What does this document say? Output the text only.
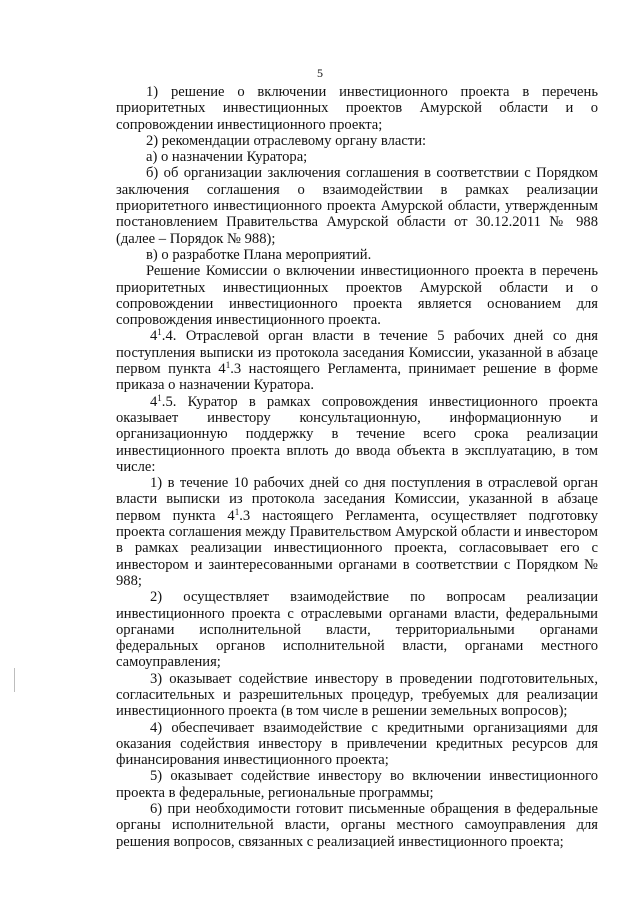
5

1) решение о включении инвестиционного проекта в перечень приоритетных инвестиционных проектов Амурской области и о сопровождении инвестиционного проекта;

2) рекомендации отраслевому органу власти:

а) о назначении Куратора;

б) об организации заключения соглашения в соответствии с Порядком заключения соглашения о взаимодействии в рамках реализации приоритетного инвестиционного проекта Амурской области, утвержденным постановлением Правительства Амурской области от 30.12.2011 № 988 (далее – Порядок № 988);

в) о разработке Плана мероприятий.

Решение Комиссии о включении инвестиционного проекта в перечень приоритетных инвестиционных проектов Амурской области и о сопровождении инвестиционного проекта является основанием для сопровождения инвестиционного проекта.

$4^1.4$. Отраслевой орган власти в течение 5 рабочих дней со дня поступления выписки из протокола заседания Комиссии, указанной в абзаце первом пункта $4^1.3$ настоящего Регламента, принимает решение в форме приказа о назначении Куратора.

$4^1.5$. Куратор в рамках сопровождения инвестиционного проекта оказывает инвестору консультационную, информационную и организационную поддержку в течение всего срока реализации инвестиционного проекта вплоть до ввода объекта в эксплуатацию, в том числе:

1) в течение 10 рабочих дней со дня поступления в отраслевой орган власти выписки из протокола заседания Комиссии, указанной в абзаце первом пункта $4^1.3$ настоящего Регламента, осуществляет подготовку проекта соглашения между Правительством Амурской области и инвестором в рамках реализации инвестиционного проекта, согласовывает его с инвестором и заинтересованными органами в соответствии с Порядком № 988;

2) осуществляет взаимодействие по вопросам реализации инвестиционного проекта с отраслевыми органами власти, федеральными органами исполнительной власти, территориальными органами федеральных органов исполнительной власти, органами местного самоуправления;

3) оказывает содействие инвестору в проведении подготовительных, согласительных и разрешительных процедур, требуемых для реализации инвестиционного проекта (в том числе в решении земельных вопросов);

4) обеспечивает взаимодействие с кредитными организациями для оказания содействия инвестору в привлечении кредитных ресурсов для финансирования инвестиционного проекта;

5) оказывает содействие инвестору во включении инвестиционного проекта в федеральные, региональные программы;

6) при необходимости готовит письменные обращения в федеральные органы исполнительной власти, органы местного самоуправления для решения вопросов, связанных с реализацией инвестиционного проекта;
